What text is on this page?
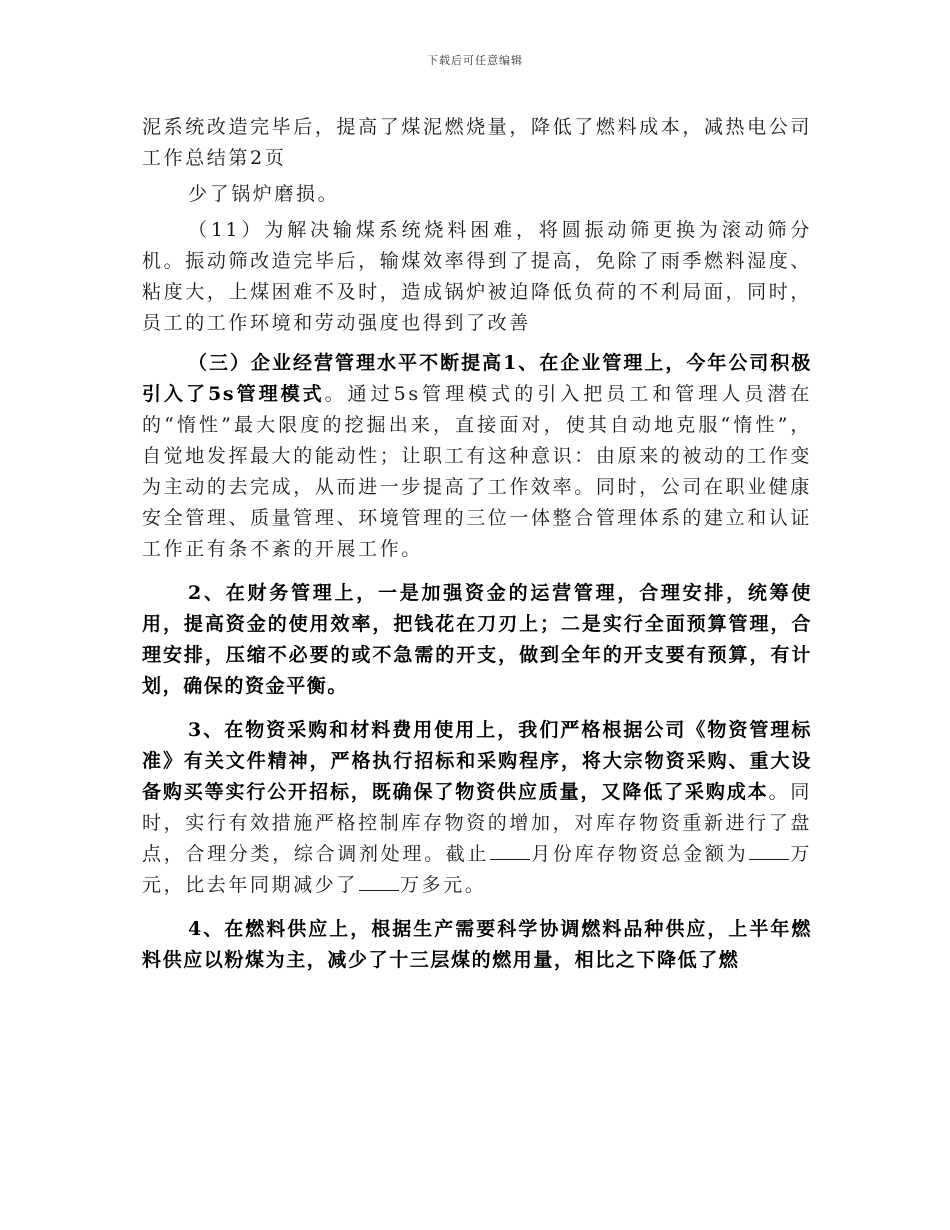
下载后可任意编辑

泥系统改造完毕后，提高了煤泥燃烧量，降低了燃料成本，减热电公司工作总结第2页

少了锅炉磨损。

（11）为解决输煤系统烧料困难，将圆振动筛更换为滚动筛分机。振动筛改造完毕后，输煤效率得到了提高，免除了雨季燃料湿度、粘度大，上煤困难不及时，造成锅炉被迫降低负荷的不利局面，同时，员工的工作环境和劳动强度也得到了改善

（三）企业经营管理水平不断提高1、在企业管理上，今年公司积极引入了5s管理模式。通过5s管理模式的引入把员工和管理人员潜在的“惰性”最大限度的挖掘出来，直接面对，使其自动地克服“惰性”，自觉地发挥最大的能动性；让职工有这种意识：由原来的被动的工作变为主动的去完成，从而进一步提高了工作效率。同时，公司在职业健康安全管理、质量管理、环境管理的三位一体整合管理体系的建立和认证工作正有条不紊的开展工作。

2、在财务管理上，一是加强资金的运营管理，合理安排，统筹使用，提高资金的使用效率，把钱花在刀刃上；二是实行全面预算管理，合理安排，压缩不必要的或不急需的开支，做到全年的开支要有预算，有计划，确保的资金平衡。

3、在物资采购和材料费用使用上，我们严格根据公司《物资管理标准》有关文件精神，严格执行招标和采购程序，将大宗物资采购、重大设备购买等实行公开招标，既确保了物资供应质量，又降低了采购成本。同时，实行有效措施严格控制库存物资的增加，对库存物资重新进行了盘点，合理分类，综合调剂处理。截止 月份库存物资总金额为 万元，比去年同期减少了 万多元。

4、在燃料供应上，根据生产需要科学协调燃料品种供应，上半年燃料供应以粉煤为主，减少了十三层煤的燃用量，相比之下降低了燃
